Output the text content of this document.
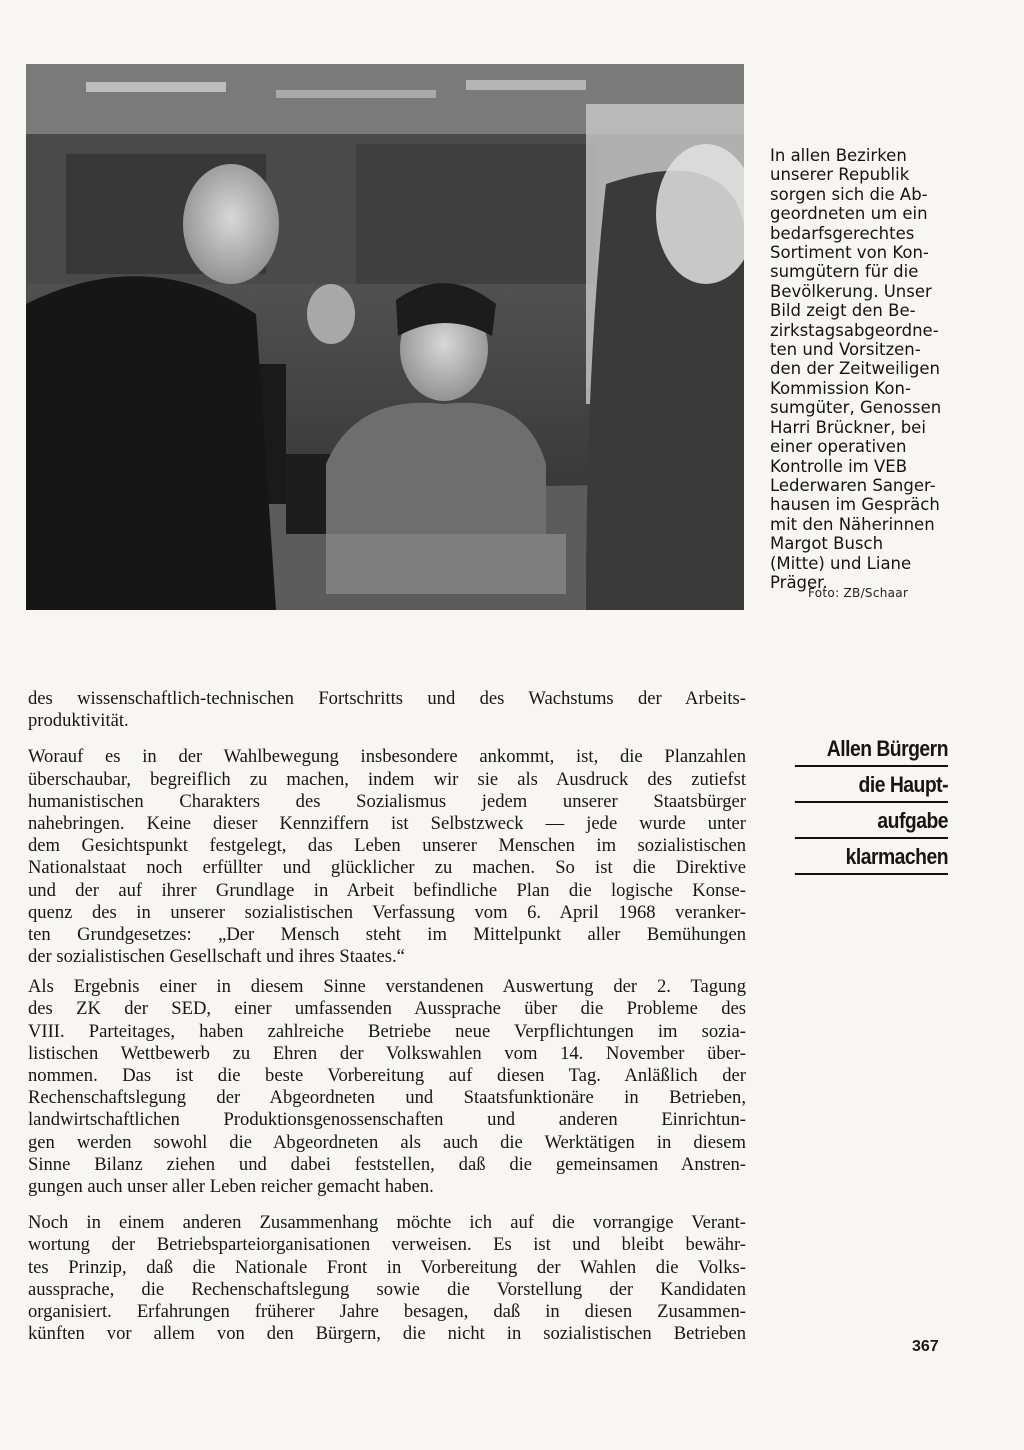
In allen Bezirken
unserer Republik
sorgen sich die Ab-
geordneten um ein
bedarfsgerechtes
Sortiment von Kon-
sumgütern für die
Bevölkerung. Unser
Bild zeigt den Be-
zirkstagsabgeordne-
ten und Vorsitzen-
den der Zeitweiligen
Kommission Kon-
sumgüter, Genossen
Harri Brückner, bei
einer operativen
Kontrolle im VEB
Lederwaren Sanger-
hausen im Gespräch
mit den Näherinnen
Margot Busch
(Mitte) und Liane
Präger.
Foto: ZB/Schaar
des wissenschaftlich-technischen Fortschritts und des Wachstums der Arbeits-
produktivität.
Worauf es in der Wahlbewegung insbesondere ankommt, ist, die Planzahlen
überschaubar, begreiflich zu machen, indem wir sie als Ausdruck des zutiefst
humanistischen Charakters des Sozialismus jedem unserer Staatsbürger
nahebringen. Keine dieser Kennziffern ist Selbstzweck — jede wurde unter
dem Gesichtspunkt festgelegt, das Leben unserer Menschen im sozialistischen
Nationalstaat noch erfüllter und glücklicher zu machen. So ist die Direktive
und der auf ihrer Grundlage in Arbeit befindliche Plan die logische Konse-
quenz des in unserer sozialistischen Verfassung vom 6. April 1968 veranker-
ten Grundgesetzes: „Der Mensch steht im Mittelpunkt aller Bemühungen
der sozialistischen Gesellschaft und ihres Staates.“
Als Ergebnis einer in diesem Sinne verstandenen Auswertung der 2. Tagung
des ZK der SED, einer umfassenden Aussprache über die Probleme des
VIII. Parteitages, haben zahlreiche Betriebe neue Verpflichtungen im sozia-
listischen Wettbewerb zu Ehren der Volkswahlen vom 14. November über-
nommen. Das ist die beste Vorbereitung auf diesen Tag. Anläßlich der
Rechenschaftslegung der Abgeordneten und Staatsfunktionäre in Betrieben,
landwirtschaftlichen Produktionsgenossenschaften und anderen Einrichtun-
gen werden sowohl die Abgeordneten als auch die Werktätigen in diesem
Sinne Bilanz ziehen und dabei feststellen, daß die gemeinsamen Anstren-
gungen auch unser aller Leben reicher gemacht haben.
Noch in einem anderen Zusammenhang möchte ich auf die vorrangige Verant-
wortung der Betriebsparteiorganisationen verweisen. Es ist und bleibt bewähr-
tes Prinzip, daß die Nationale Front in Vorbereitung der Wahlen die Volks-
aussprache, die Rechenschaftslegung sowie die Vorstellung der Kandidaten
organisiert. Erfahrungen früherer Jahre besagen, daß in diesen Zusammen-
künften vor allem von den Bürgern, die nicht in sozialistischen Betrieben
Allen Bürgern
die Haupt-
aufgabe
klarmachen
367
